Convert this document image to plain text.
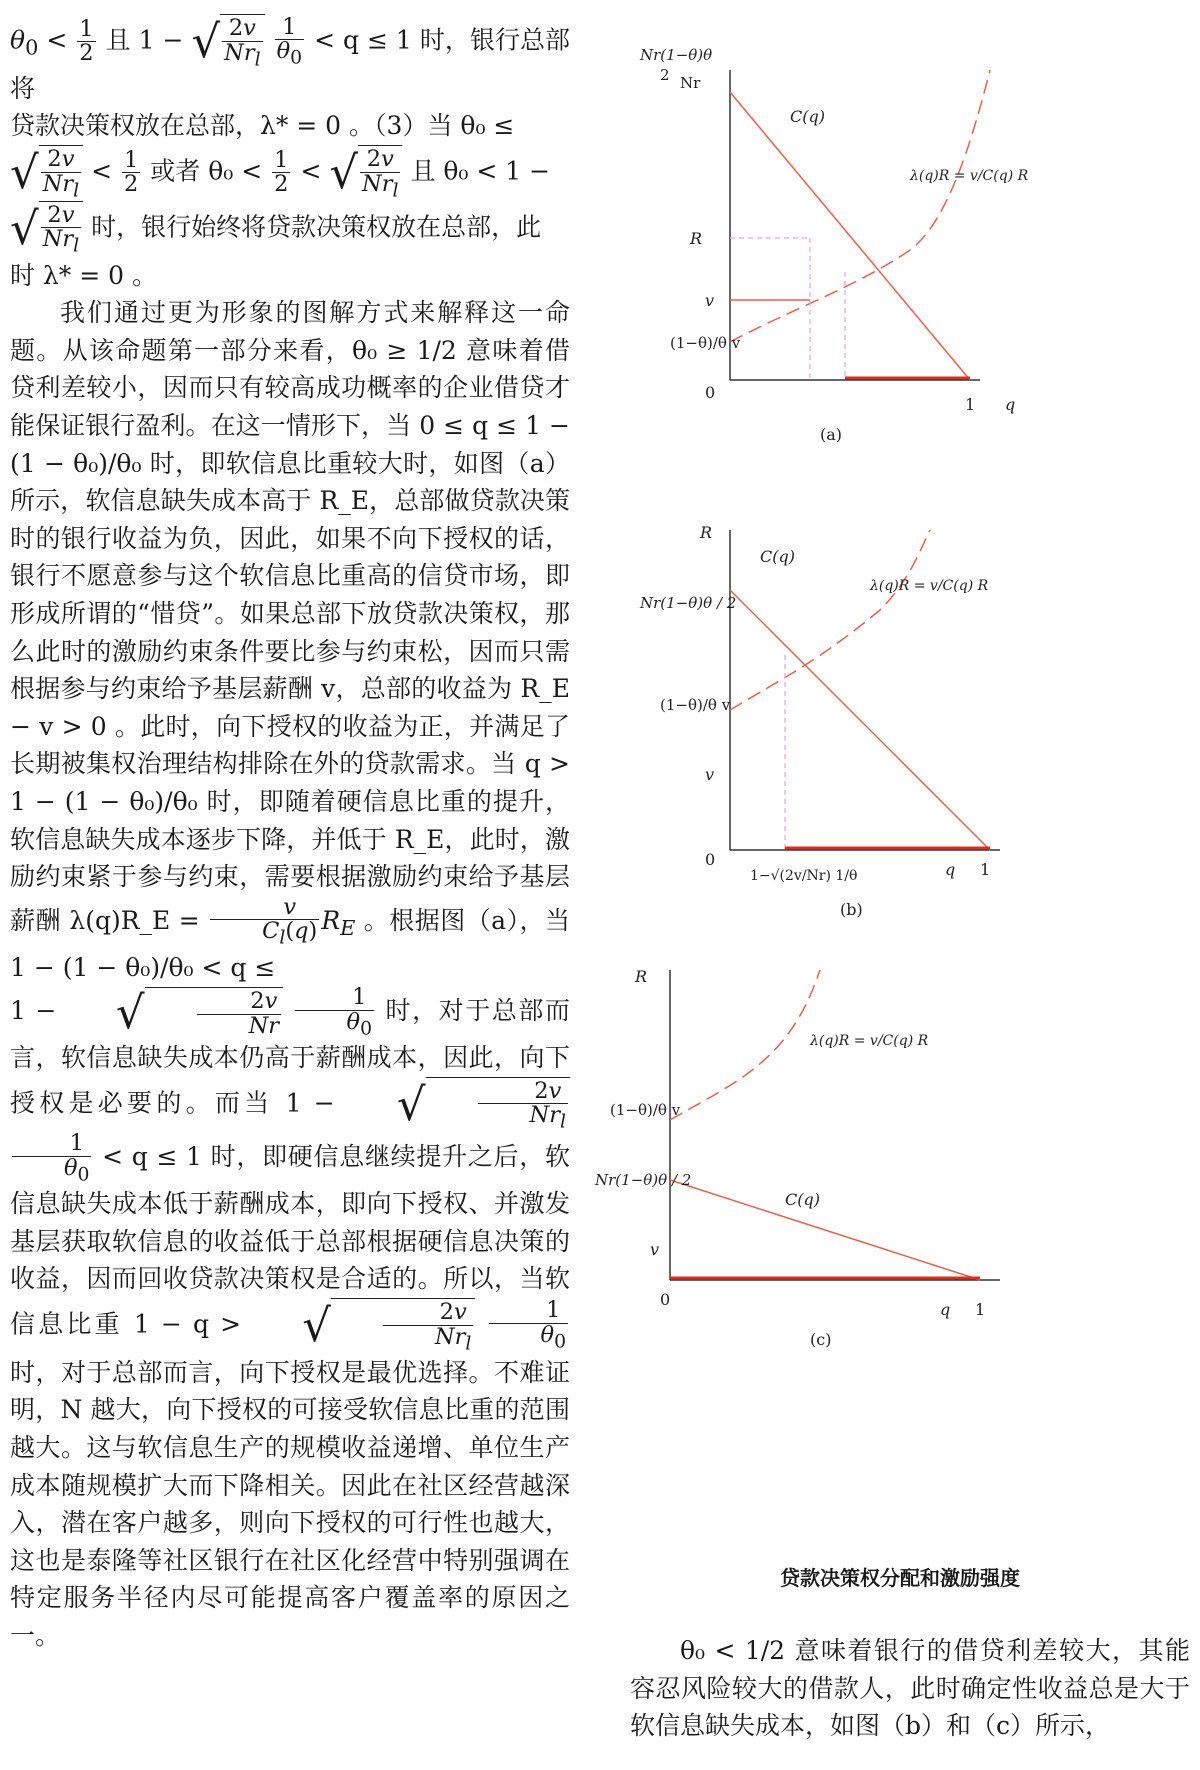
$\theta_0 < \frac{1}{2}$ 且 1 − √ $\frac{2v}{Nr_l}$
$\frac{1}{\theta_0} < q \le 1$ 时，银行总部将
贷款决策权放在总部，λ* = 0 。（3）当 θ₀ ≤
√ $\frac{2v}{Nr_l} < \frac{1}{2}$ 或者 $\theta_0 < \frac{1}{2}$ < √ $\frac{2v}{Nr_l}$ 且 θ₀ < 1 −
√ $\frac{2v}{Nr_l}$ 时，银行始终将贷款决策权放在总部，此
时 λ* = 0 。

我们通过更为形象的图解方式来解释这一命题。从该命题第一部分来看，θ₀ ≥ 1/2 意味着借贷利差较小，因而只有较高成功概率的企业借贷才能保证银行盈利。在这一情形下，当 0 ≤ q ≤ 1 − (1 − θ₀)/θ₀ 时，即软信息比重较大时，如图（a）所示，软信息缺失成本高于 R_E，总部做贷款决策时的银行收益为负，因此，如果不向下授权的话，银行不愿意参与这个软信息比重高的信贷市场，即形成所谓的“惜贷”。如果总部下放贷款决策权，那么此时的激励约束条件要比参与约束松，因而只需根据参与约束给予基层薪酬 v，总部的收益为 R_E − v > 0 。此时，向下授权的收益为正，并满足了长期被集权治理结构排除在外的贷款需求。当 q > 1 − (1 − θ₀)/θ₀ 时，即随着硬信息比重的提升，软信息缺失成本逐步下降，并低于 R_E，此时，激励约束紧于参与约束，需要根据激励约束给予基层薪酬 λ(q)R_E = $\frac{v}{C_l(q)} R_E$ 。根据图（a），当 1 − (1 − θ₀)/θ₀ < q ≤
1 − √ $\frac{2v}{Nr}$
$\frac{1}{\theta_0}$ 时，对于总部而言，软信息缺失成本仍高于薪酬成本，因此，向下授权是必要的。而当 1 − √ $\frac{2v}{Nr_l}$

$\frac{1}{\theta_0} < q \le 1$ 时，即硬信息继续提升之后，软信息缺失成本低于薪酬成本，即向下授权、并激发基层获取软信息的收益低于总部根据硬信息决策的收益，因而回收贷款决策权是合适的。所以，当软信息比重 1 − q > √ $\frac{2v}{Nr_l}$
$\frac{1}{\theta_0}$
时，对于总部而言，向下授权是最优选择。不难证明，N 越大，向下授权的可接受软信息比重的范围越大。这与软信息生产的规模收益递增、单位生产成本随规模扩大而下降相关。因此在社区经营越深入，潜在客户越多，则向下授权的可行性也越大，这也是泰隆等社区银行在社区化经营中特别强调在特定服务半径内尽可能提高客户覆盖率的原因之一。

Nr
Nr(1−θ)θ
2
C(q)
λ(q)R = v/C(q) R
R
v
(1−θ)/θ v
0
1 q
(a)
R
C(q)
λ(q)R = v/C(q) R
Nr(1−θ)θ / 2
(1−θ)/θ v
v
0
1−√(2v/Nr) 1/θ	q 1
(b)
R
λ(q)R = v/C(q) R
(1−θ)/θ v
Nr(1−θ)θ / 2
C(q)
v
0
q 1
(c)
贷款决策权分配和激励强度

θ₀ < 1/2 意味着银行的借贷利差较大，其能容忍风险较大的借款人，此时确定性收益总是大于软信息缺失成本，如图（b）和（c）所示，
